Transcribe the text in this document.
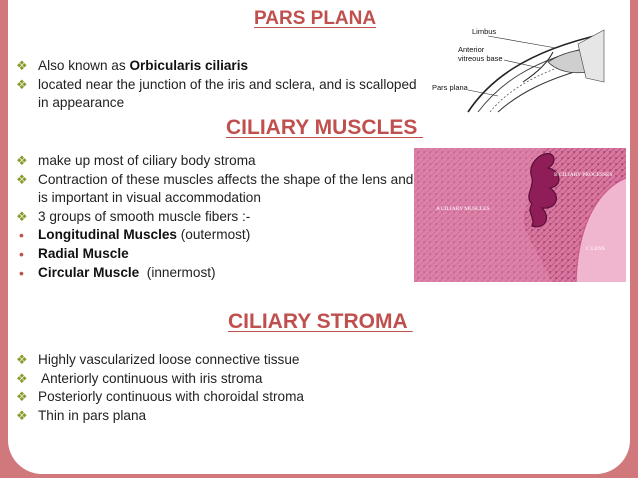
PARS PLANA

❖ Also known as Orbicularis ciliaris
❖ located near the junction of the iris and sclera, and is scalloped in appearance
Limbus
Anterior
vitreous base
Pars plana

CILIARY MUSCLES

❖ make up most of ciliary body stroma
❖ Contraction of these muscles affects the shape of the lens and is important in visual accommodation
❖ 3 groups of smooth muscle fibers :-
• Longitudinal Muscles (outermost)
• Radial Muscle
• Circular Muscle  (innermost)
B CILIARY PROCESSES
A CILIARY MUSCLES
C LENS

CILIARY STROMA

❖ Highly vascularized loose connective tissue
❖ Anteriorly continuous with iris stroma
❖ Posteriorly continuous with choroidal stroma
❖ Thin in pars plana
